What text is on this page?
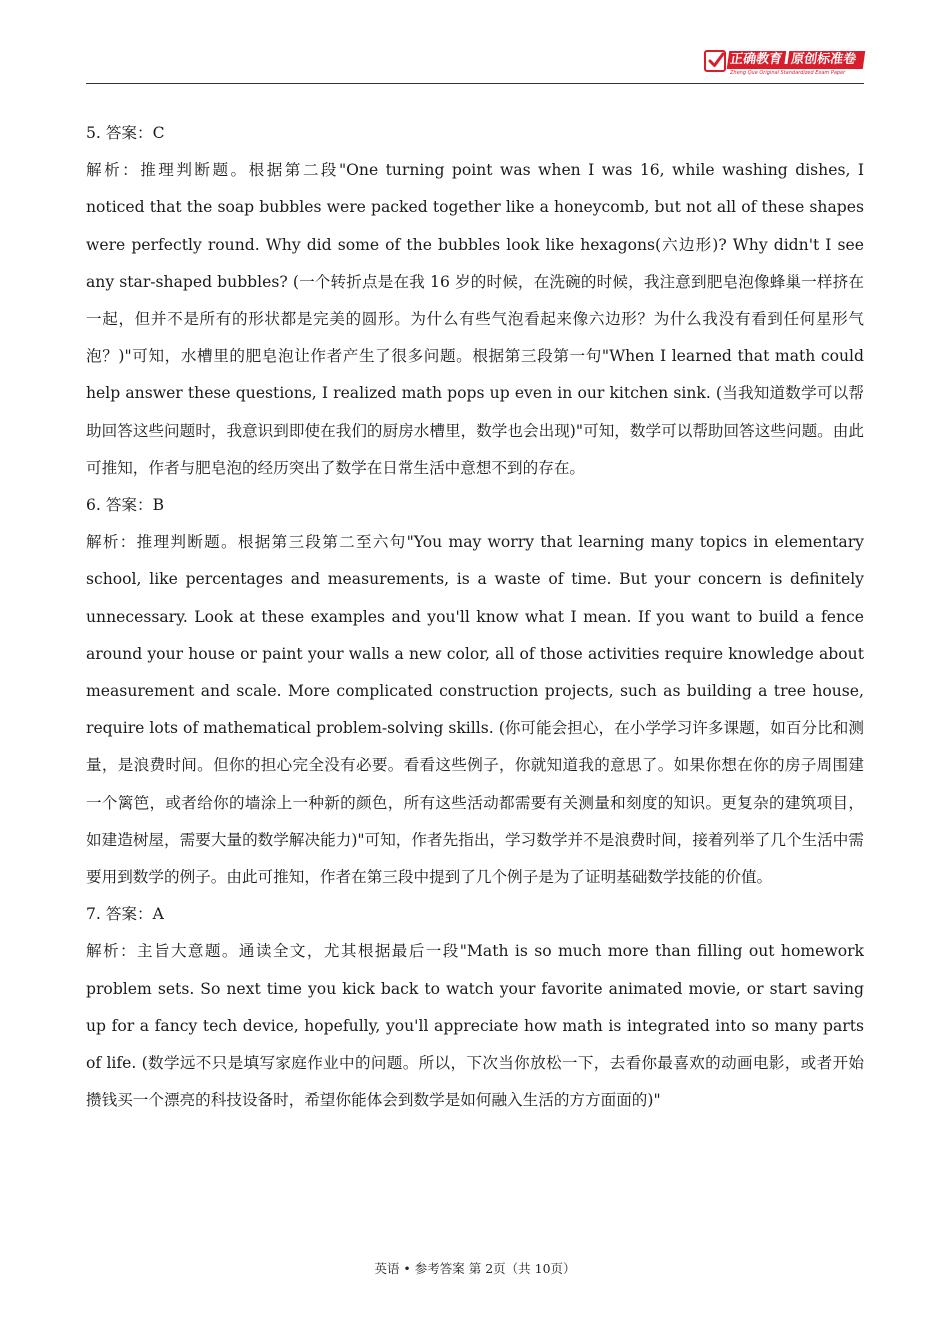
正确教育 原创标准卷
Zheng Que Original Standardized Exam Paper

5. 答案：C

解析：推理判断题。根据第二段"One turning point was when I was 16, while washing dishes, I noticed that the soap bubbles were packed together like a honeycomb, but not all of these shapes were perfectly round. Why did some of the bubbles look like hexagons(六边形)? Why didn't I see any star-shaped bubbles? (一个转折点是在我 16 岁的时候，在洗碗的时候，我注意到肥皂泡像蜂巢一样挤在一起，但并不是所有的形状都是完美的圆形。为什么有些气泡看起来像六边形？为什么我没有看到任何星形气泡？)"可知，水槽里的肥皂泡让作者产生了很多问题。根据第三段第一句"When I learned that math could help answer these questions, I realized math pops up even in our kitchen sink. (当我知道数学可以帮助回答这些问题时，我意识到即使在我们的厨房水槽里，数学也会出现)"可知，数学可以帮助回答这些问题。由此可推知，作者与肥皂泡的经历突出了数学在日常生活中意想不到的存在。

6. 答案：B

解析：推理判断题。根据第三段第二至六句"You may worry that learning many topics in elementary school, like percentages and measurements, is a waste of time. But your concern is definitely unnecessary. Look at these examples and you'll know what I mean. If you want to build a fence around your house or paint your walls a new color, all of those activities require knowledge about measurement and scale. More complicated construction projects, such as building a tree house, require lots of mathematical problem-solving skills. (你可能会担心，在小学学习许多课题，如百分比和测量，是浪费时间。但你的担心完全没有必要。看看这些例子，你就知道我的意思了。如果你想在你的房子周围建一个篱笆，或者给你的墙涂上一种新的颜色，所有这些活动都需要有关测量和刻度的知识。更复杂的建筑项目，如建造树屋，需要大量的数学解决能力)"可知，作者先指出，学习数学并不是浪费时间，接着列举了几个生活中需要用到数学的例子。由此可推知，作者在第三段中提到了几个例子是为了证明基础数学技能的价值。

7. 答案：A

解析：主旨大意题。通读全文，尤其根据最后一段"Math is so much more than filling out homework problem sets. So next time you kick back to watch your favorite animated movie, or start saving up for a fancy tech device, hopefully, you'll appreciate how math is integrated into so many parts of life. (数学远不只是填写家庭作业中的问题。所以，下次当你放松一下，去看你最喜欢的动画电影，或者开始攒钱买一个漂亮的科技设备时，希望你能体会到数学是如何融入生活的方方面面的)"

英语 • 参考答案 第 2页（共 10页）
